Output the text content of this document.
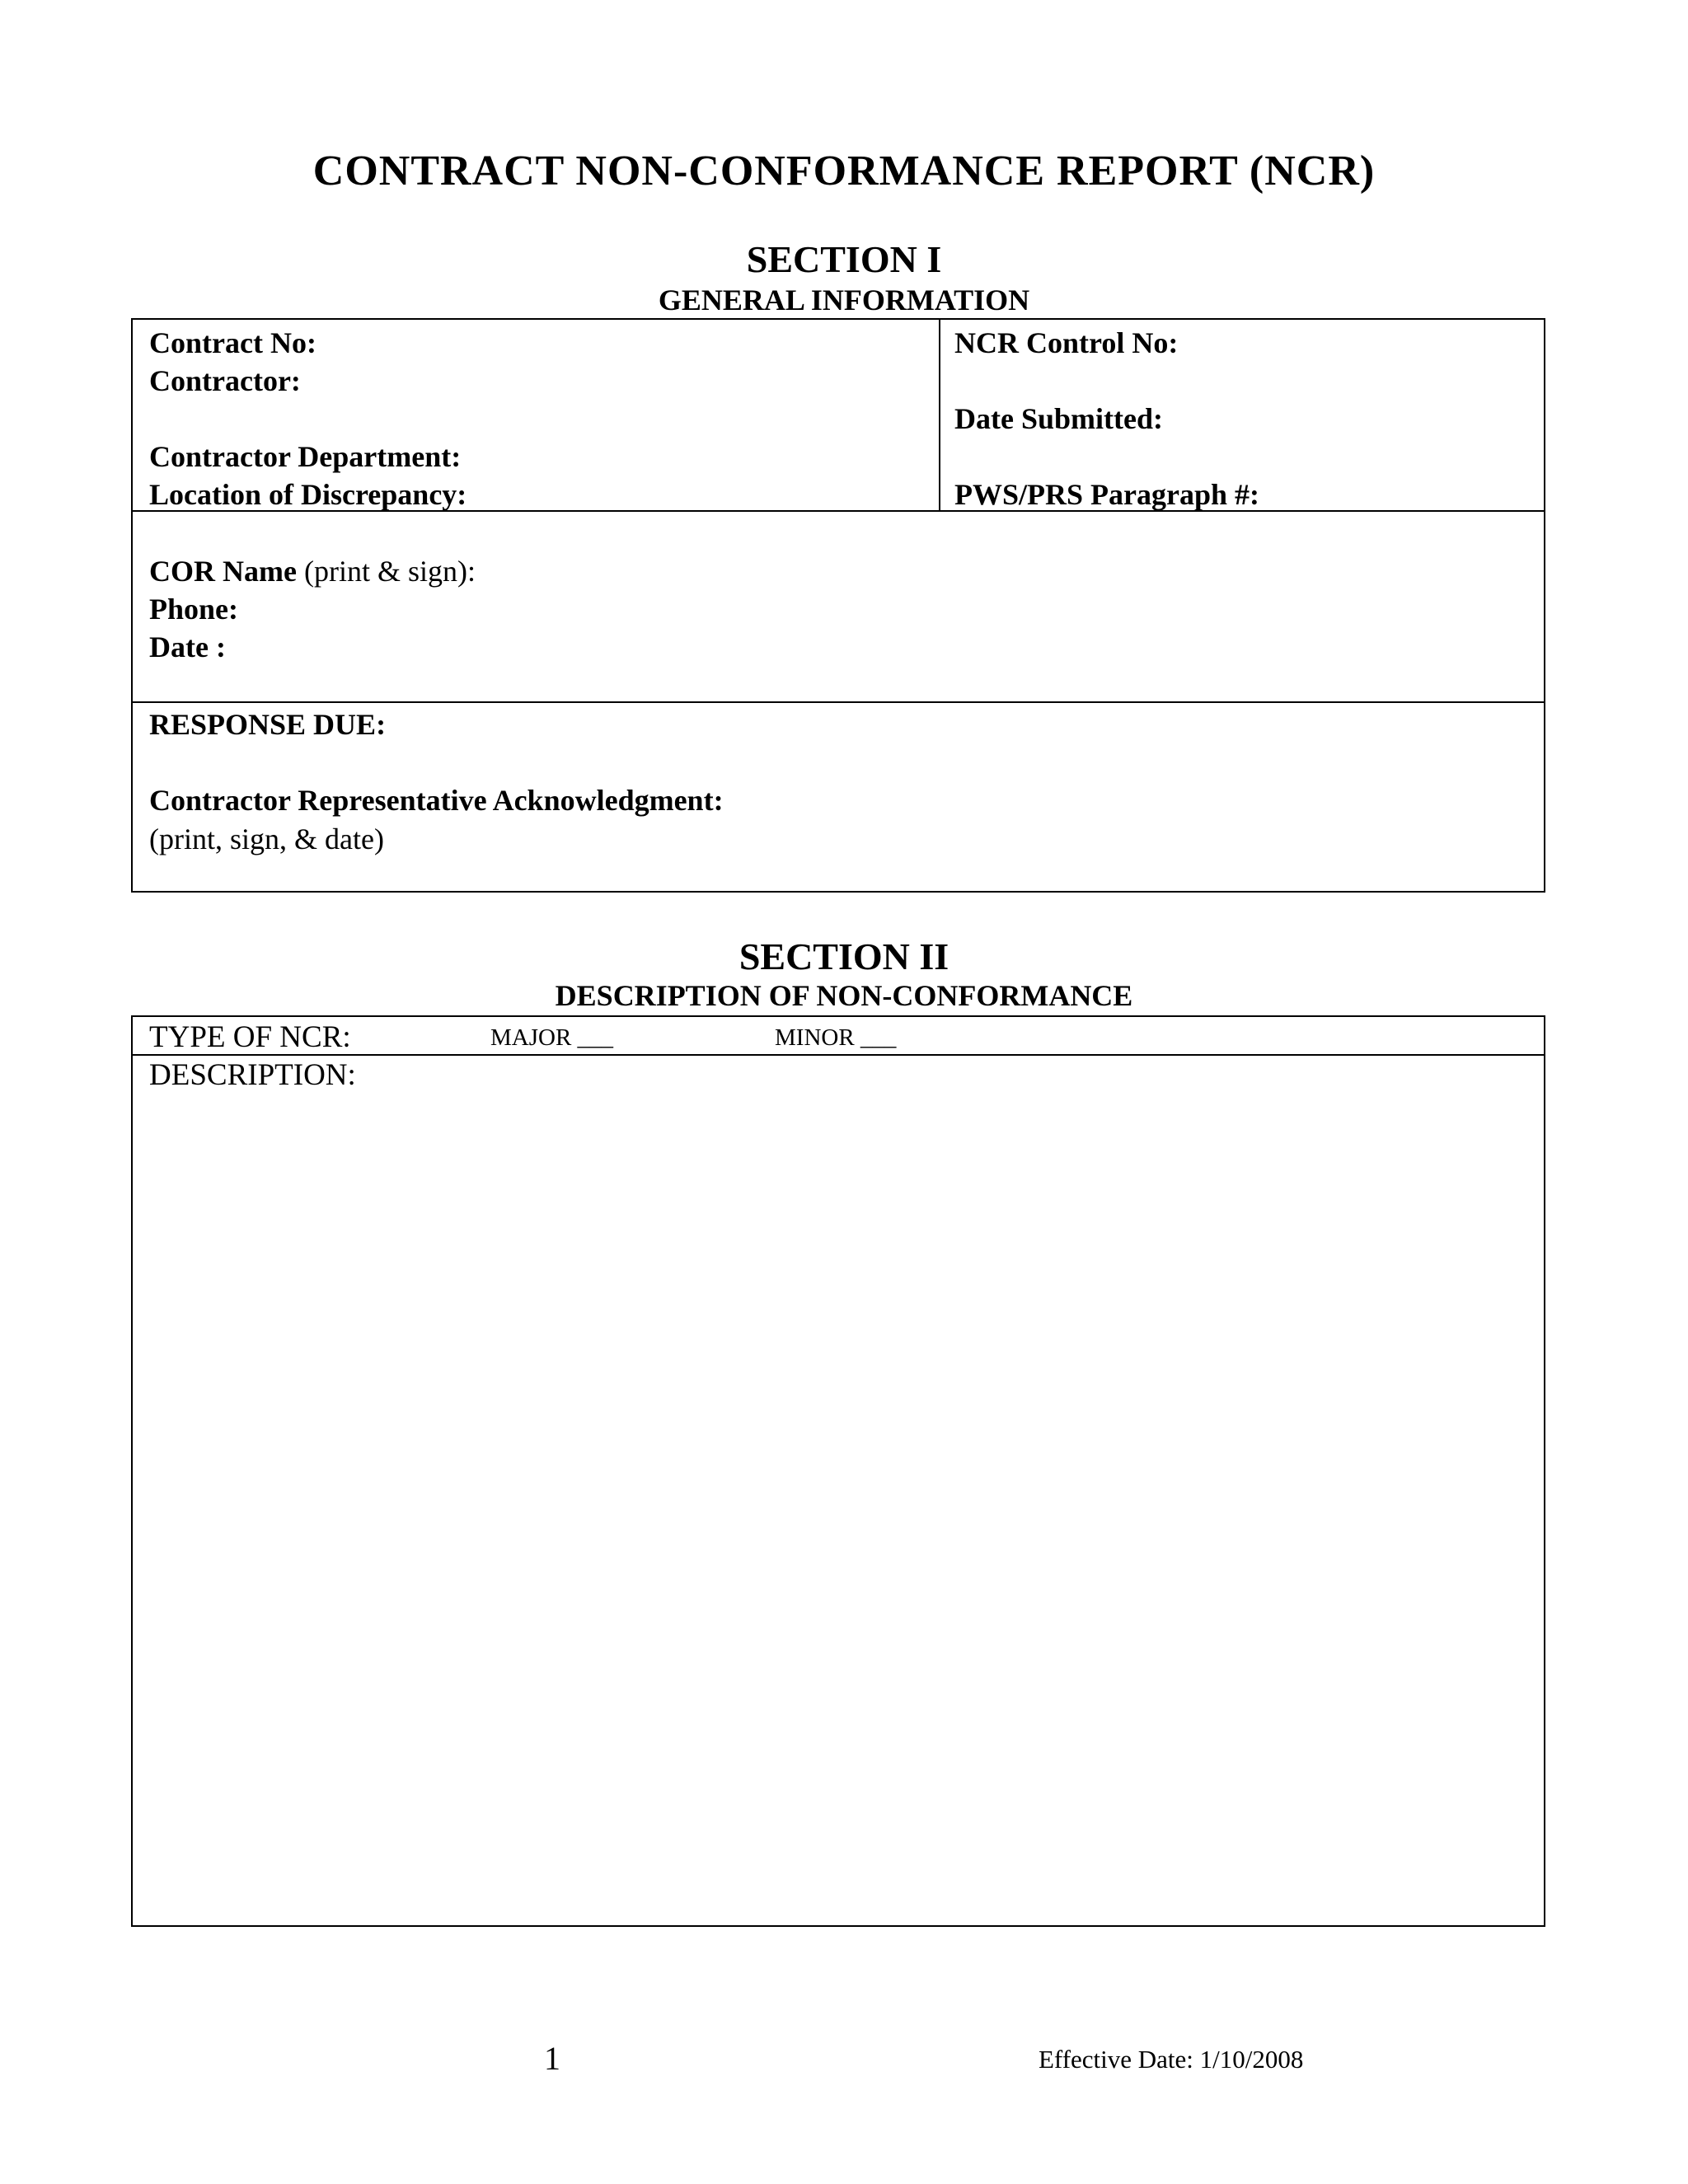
CONTRACT NON-CONFORMANCE REPORT (NCR)
SECTION I
GENERAL INFORMATION
Contract No:
Contractor:
Contractor Department:
Location of Discrepancy:
NCR Control No:
Date Submitted:
PWS/PRS Paragraph #:
COR Name (print & sign):
Phone:
Date :
RESPONSE DUE:
Contractor Representative Acknowledgment:
(print, sign, & date)
SECTION II
DESCRIPTION OF NON-CONFORMANCE
TYPE OF NCR:	MAJOR ___	MINOR ___
DESCRIPTION:
1	Effective Date: 1/10/2008
